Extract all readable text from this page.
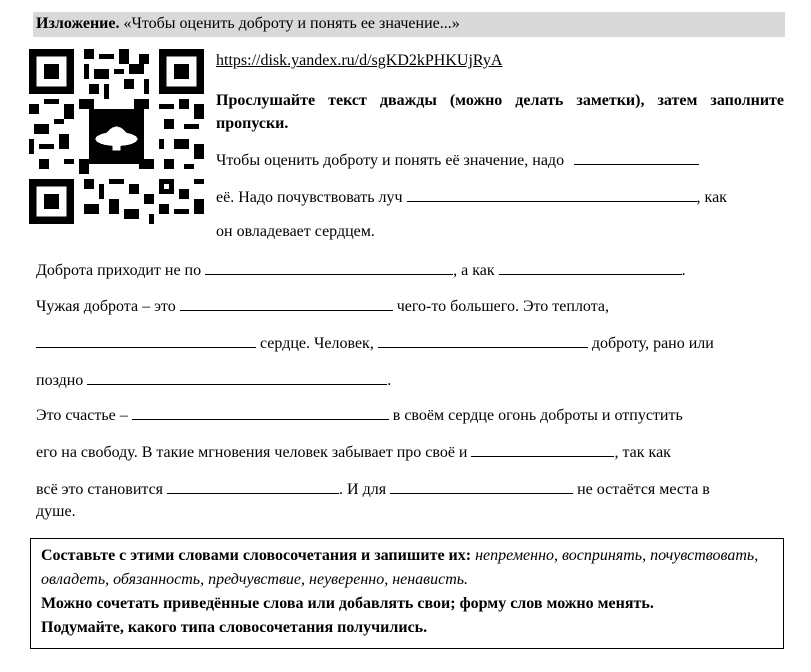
Изложение. «Чтобы оценить доброту и понять ее значение...»
https://disk.yandex.ru/d/sgKD2kPHKUjRyA
Прослушайте текст дважды (можно делать заметки), затем заполните пропуски.
Чтобы оценить доброту и понять её значение, надо
её. Надо почувствовать луч	, как
он овладевает сердцем.
Доброта приходит не по	, а как	.
Чужая доброта – это	чего-то большего. Это теплота,
сердце. Человек,	доброту, рано или
поздно	.
Это счастье –	в своём сердце огонь доброты и отпустить
его на свободу. В такие мгновения человек забывает про своё и	, так как
всё это становится	. И для	не остаётся места в
душе.
Составьте с этими словами словосочетания и запишите их: непременно, воспринять, почувствовать, овладеть, обязанность, предчувствие, неуверенно, ненависть.
Можно сочетать приведённые слова или добавлять свои; форму слов можно менять.
Подумайте, какого типа словосочетания получились.
